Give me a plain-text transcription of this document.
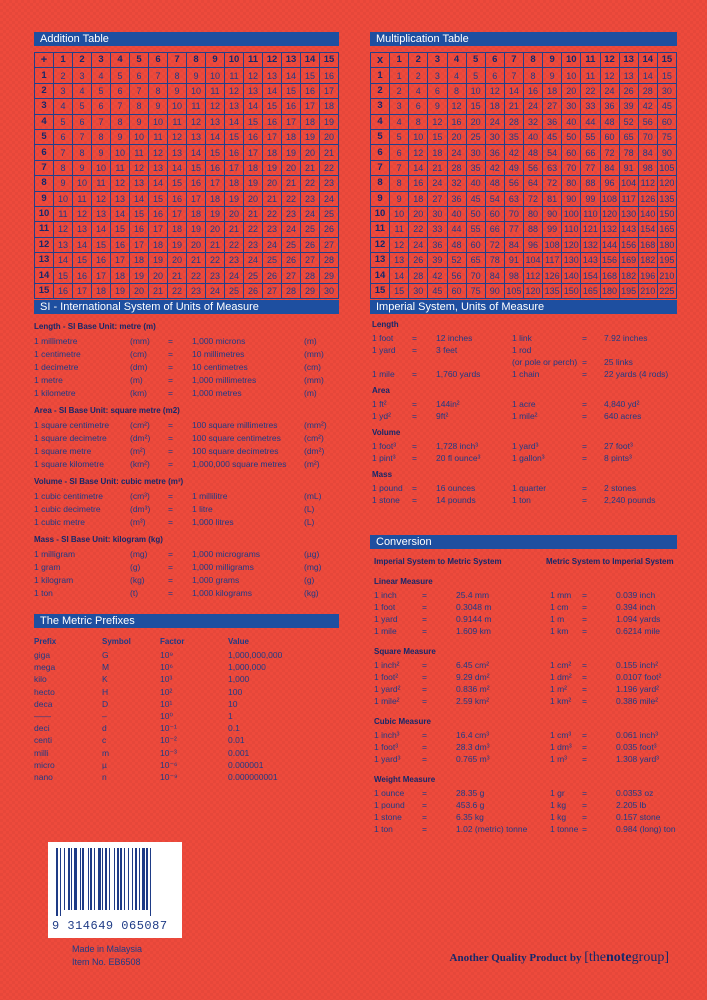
Addition Table
+	1	2	3	4	5	6	7	8	9	10	11	12	13	14	15
1	2	3	4	5	6	7	8	9	10	11	12	13	14	15	16
2	3	4	5	6	7	8	9	10	11	12	13	14	15	16	17
3	4	5	6	7	8	9	10	11	12	13	14	15	16	17	18
4	5	6	7	8	9	10	11	12	13	14	15	16	17	18	19
5	6	7	8	9	10	11	12	13	14	15	16	17	18	19	20
6	7	8	9	10	11	12	13	14	15	16	17	18	19	20	21
7	8	9	10	11	12	13	14	15	16	17	18	19	20	21	22
8	9	10	11	12	13	14	15	16	17	18	19	20	21	22	23
9	10	11	12	13	14	15	16	17	18	19	20	21	22	23	24
10	11	12	13	14	15	16	17	18	19	20	21	22	23	24	25
11	12	13	14	15	16	17	18	19	20	21	22	23	24	25	26
12	13	14	15	16	17	18	19	20	21	22	23	24	25	26	27
13	14	15	16	17	18	19	20	21	22	23	24	25	26	27	28
14	15	16	17	18	19	20	21	22	23	24	25	26	27	28	29
15	16	17	18	19	20	21	22	23	24	25	26	27	28	29	30
Multiplication Table
x	1	2	3	4	5	6	7	8	9	10	11	12	13	14	15
1	1	2	3	4	5	6	7	8	9	10	11	12	13	14	15
2	2	4	6	8	10	12	14	16	18	20	22	24	26	28	30
3	3	6	9	12	15	18	21	24	27	30	33	36	39	42	45
4	4	8	12	16	20	24	28	32	36	40	44	48	52	56	60
5	5	10	15	20	25	30	35	40	45	50	55	60	65	70	75
6	6	12	18	24	30	36	42	48	54	60	66	72	78	84	90
7	7	14	21	28	35	42	49	56	63	70	77	84	91	98	105
8	8	16	24	32	40	48	56	64	72	80	88	96	104	112	120
9	9	18	27	36	45	54	63	72	81	90	99	108	117	126	135
10	10	20	30	40	50	60	70	80	90	100	110	120	130	140	150
11	11	22	33	44	55	66	77	88	99	110	121	132	143	154	165
12	12	24	36	48	60	72	84	96	108	120	132	144	156	168	180
13	13	26	39	52	65	78	91	104	117	130	143	156	169	182	195
14	14	28	42	56	70	84	98	112	126	140	154	168	182	196	210
15	15	30	45	60	75	90	105	120	135	150	165	180	195	210	225
SI - International System of Units of Measure
Length - SI Base Unit: metre (m)
1 millimetre	(mm) = 1,000 microns	(m)
1 centimetre	(cm) = 10 millimetres	(mm)
1 decimetre	(dm) = 10 centimetres	(cm)
1 metre	(m)	= 1,000 millimetres	(mm)
1 kilometre	(km) = 1,000 metres	(m)
Area - SI Base Unit: square metre (m2)
1 square centimetre (cm²) = 100 square millimetres	(mm²)
1 square decimetre	(dm²) = 100 square centimetres	(cm²)
1 square metre	(m²)	= 100 square decimetres	(dm²)
1 square kilometre	(km²) = 1,000,000 square metres (m²)
Volume - SI Base Unit: cubic metre (m³)
1 cubic centimetre	(cm³) = 1 millilitre	(mL)
1 cubic decimetre	(dm³) = 1 litre	(L)
1 cubic metre	(m³)	= 1,000 litres	(L)
Mass - SI Base Unit: kilogram (kg)
1 milligram	(mg) = 1,000 micrograms	(µg)
1 gram	(g)	= 1,000 milligrams	(mg)
1 kilogram	(kg)	= 1,000 grams	(g)
1 ton	(t)	= 1,000 kilograms	(kg)
The Metric Prefixes
Prefix	Symbol	Factor	Value
giga	G	10⁹	1,000,000,000
mega	M	10⁶	1,000,000
kilo	K	10³	1,000
hecto	H	10²	100
deca	D	10¹	10
——	–	10⁰	1
deci	d	10⁻¹	0.1
centi	c	10⁻²	0.01
milli	m	10⁻³	0.001
micro	µ	10⁻⁶	0.000001
nano	n	10⁻⁹	0.000000001
Imperial System, Units of Measure
Length
1 foot = 12 inches	1 link	= 7.92 inches
1 yard = 3 feet	1 rod
(or pole or perch) = 25 links
1 mile = 1,760 yards	1 chain	= 22 yards (4 rods)
Area
1 ft²	= 144in²	1 acre	= 4,840 yd²
1 yd² = 9ft²	1 mile²	= 640 acres
Volume
1 foot³ = 1,728 inch³	1 yard³	= 27 foot³
1 pint³ = 20 fl ounce³	1 gallon³	= 8 pints³
Mass
1 pound = 16 ounces	1 quarter	= 2 stones
1 stone = 14 pounds	1 ton	= 2,240 pounds
Conversion
Imperial System to Metric System	Metric System to Imperial System
Linear Measure
1 inch	=	25.4 mm	1 mm =	0.039 inch
1 foot	=	0.3048 m	1 cm =	0.394 inch
1 yard	=	0.9144 m	1 m =	1.094 yards
1 mile	=	1.609 km	1 km =	0.6214 mile
Square Measure
1 inch²	=	6.45 cm²	1 cm² =	0.155 inch²
1 foot²	=	9.29 dm²	1 dm² =	0.0107 foot²
1 yard²	=	0.836 m²	1 m² =	1.196 yard²
1 mile²	=	2.59 km²	1 km² =	0.386 mile²
Cubic Measure
1 inch³	=	16.4 cm³	1 cm³ =	0.061 inch³
1 foot³	=	28.3 dm³	1 dm³ =	0.035 foot³
1 yard³	=	0.765 m³	1 m³ =	1.308 yard³
Weight Measure
1 ounce =	28.35 g	1 gr =	0.0353 oz
1 pound =	453.6 g	1 kg =	2.205 lb
1 stone =	6.35 kg	1 kg =	0.157 stone
1 ton	=	1.02 (metric) tonne	1 tonne =	0.984 (long) ton
9 314649 065087
Made in Malaysia
Item No. EB6508	Another Quality Product by [thenotegroup]
